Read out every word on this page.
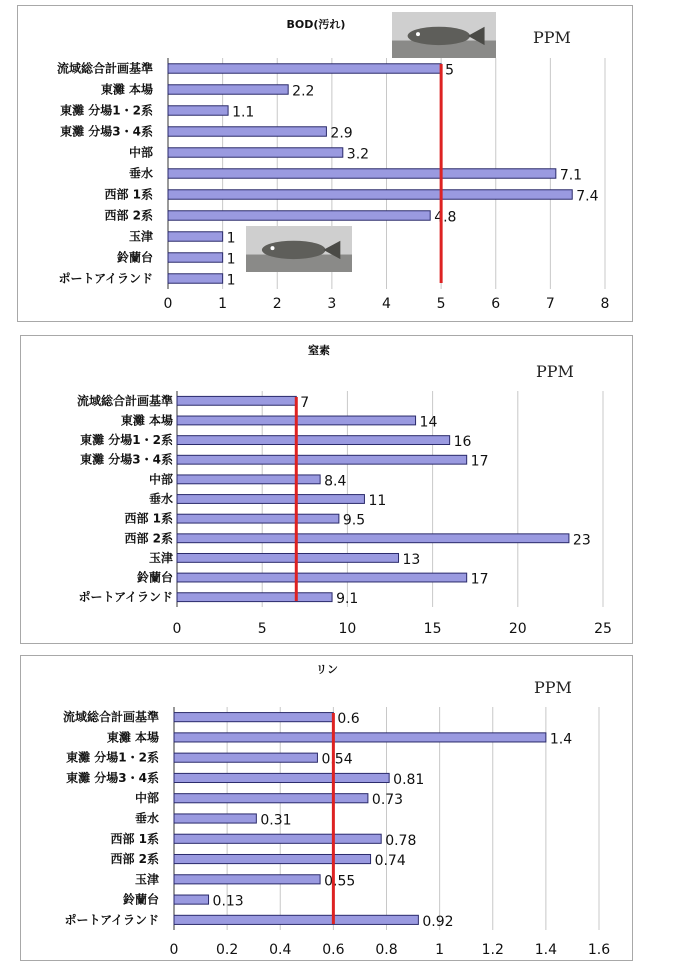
BOD(汚れ)
PPM
0	1	2	3	4	5	6	7	8
流域総合計画基準	5
東灘 本場	2.2
東灘 分場1・2系	1.1
東灘 分場3・4系	2.9
中部	3.2
垂水	7.1
西部 1系	7.4
西部 2系	4.8
玉津	1
鈴蘭台	1
ポートアイランド	1
窒素
PPM
0	5	10	15	20	25
流域総合計画基準	7
東灘 本場	14
東灘 分場1・2系	16
東灘 分場3・4系	17
中部	8.4
垂水	11
西部 1系	9.5
西部 2系	23
玉津	13
鈴蘭台	17
ポートアイランド	9.1
リン
PPM
0	0.2 0.4 0.6 0.8	1	1.2 1.4 1.6
流域総合計画基準	0.6
東灘 本場	1.4
東灘 分場1・2系	0.54
東灘 分場3・4系	0.81
中部	0.73
垂水	0.31
西部 1系	0.78
西部 2系	0.74
玉津	0.55
鈴蘭台	0.13
ポートアイランド	0.92
